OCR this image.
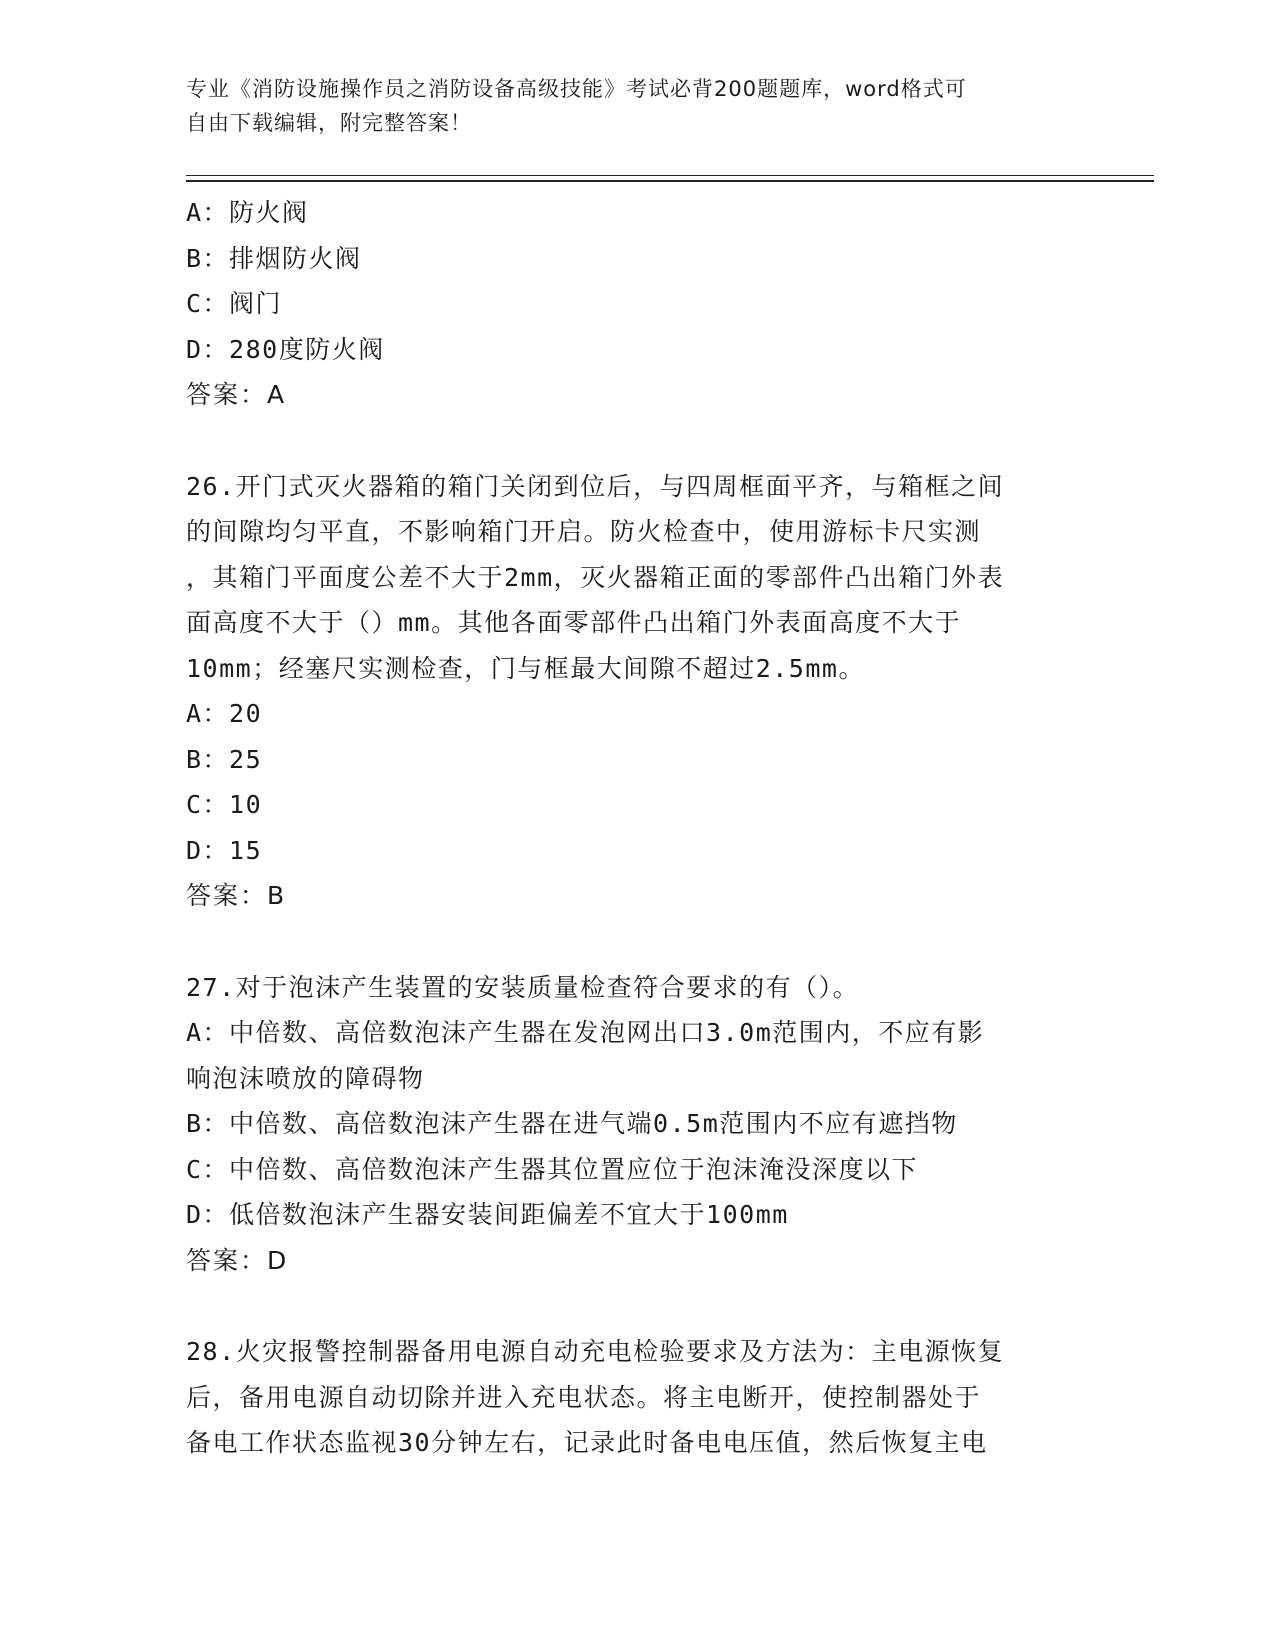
专业《消防设施操作员之消防设备高级技能》考试必背200题题库，word格式可
自由下载编辑，附完整答案！
A：防火阀
B：排烟防火阀
C：阀门
D：280度防火阀
答案：A
26.开门式灭火器箱的箱门关闭到位后，与四周框面平齐，与箱框之间
的间隙均匀平直，不影响箱门开启。防火检查中，使用游标卡尺实测
，其箱门平面度公差不大于2mm，灭火器箱正面的零部件凸出箱门外表
面高度不大于（）mm。其他各面零部件凸出箱门外表面高度不大于
10mm；经塞尺实测检查，门与框最大间隙不超过2.5mm。
A：20
B：25
C：10
D：15
答案：B
27.对于泡沫产生装置的安装质量检查符合要求的有（）。
A：中倍数、高倍数泡沫产生器在发泡网出口3.0m范围内，不应有影
响泡沫喷放的障碍物
B：中倍数、高倍数泡沫产生器在进气端0.5m范围内不应有遮挡物
C：中倍数、高倍数泡沫产生器其位置应位于泡沫淹没深度以下
D：低倍数泡沫产生器安装间距偏差不宜大于100mm
答案：D
28.火灾报警控制器备用电源自动充电检验要求及方法为：主电源恢复
后，备用电源自动切除并进入充电状态。将主电断开，使控制器处于
备电工作状态监视30分钟左右，记录此时备电电压值，然后恢复主电
